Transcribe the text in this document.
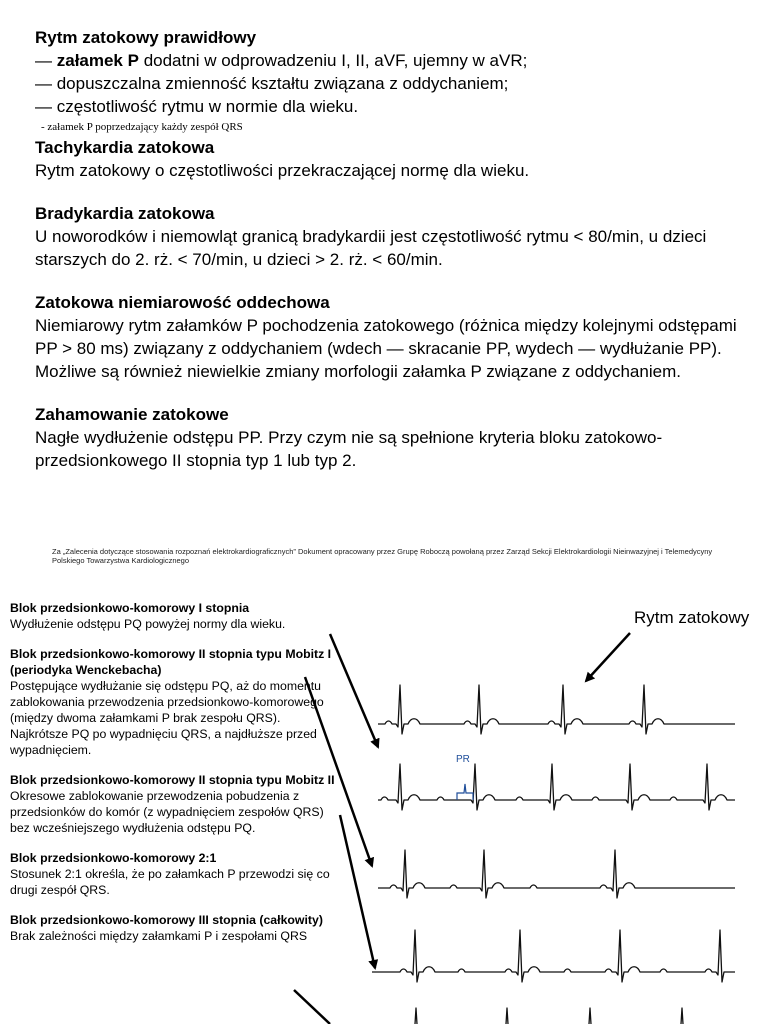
Rytm zatokowy prawidłowy

— załamek P dodatni w odprowadzeniu I, II, aVF, ujemny w aVR;

— dopuszczalna zmienność kształtu związana z oddychaniem;

— częstotliwość rytmu w normie dla wieku.

- załamek P poprzedzający każdy zespół QRS

Tachykardia zatokowa

Rytm zatokowy o częstotliwości przekraczającej normę dla wieku.

Bradykardia zatokowa

U noworodków i niemowląt granicą bradykardii jest częstotliwość rytmu < 80/min, u dzieci starszych do 2. rż. < 70/min, u dzieci > 2. rż. < 60/min.

Zatokowa niemiarowość oddechowa

Niemiarowy rytm załamków P pochodzenia zatokowego (różnica między kolejnymi odstępami PP > 80 ms) związany z oddychaniem (wdech — skracanie PP, wydech — wydłużanie PP). Możliwe są również niewielkie zmiany morfologii załamka P związane z oddychaniem.

Zahamowanie zatokowe

Nagłe wydłużenie odstępu PP. Przy czym nie są spełnione kryteria bloku zatokowo-przedsionkowego II stopnia typ 1 lub typ 2.

Za „Zalecenia dotyczące stosowania rozpoznań elektrokardiograficznych” Dokument opracowany przez Grupę Roboczą powołaną przez Zarząd Sekcji Elektrokardiologii Nieinwazyjnej i Telemedycyny Polskiego Towarzystwa Kardiologicznego

Blok przedsionkowo-komorowy I stopnia

Wydłużenie odstępu PQ powyżej normy dla wieku.

Blok przedsionkowo-komorowy II stopnia typu Mobitz I (periodyka Wenckebacha)

Postępujące wydłużanie się odstępu PQ, aż do momentu zablokowania przewodzenia przedsionkowo-komorowego (między dwoma załamkami P brak zespołu QRS). Najkrótsze PQ po wypadnięciu QRS, a najdłuższe przed wypadnięciem.

Blok przedsionkowo-komorowy II stopnia typu Mobitz II

Okresowe zablokowanie przewodzenia pobudzenia z przedsionków do komór (z wypadnięciem zespołów QRS) bez wcześniejszego wydłużenia odstępu PQ.

Blok przedsionkowo-komorowy 2:1

Stosunek 2:1 określa, że po załamkach P przewodzi się co drugi zespół QRS.

Blok przedsionkowo-komorowy III stopnia (całkowity)

Brak zależności między załamkami P i zespołami QRS

Rytm zatokowy
PR
